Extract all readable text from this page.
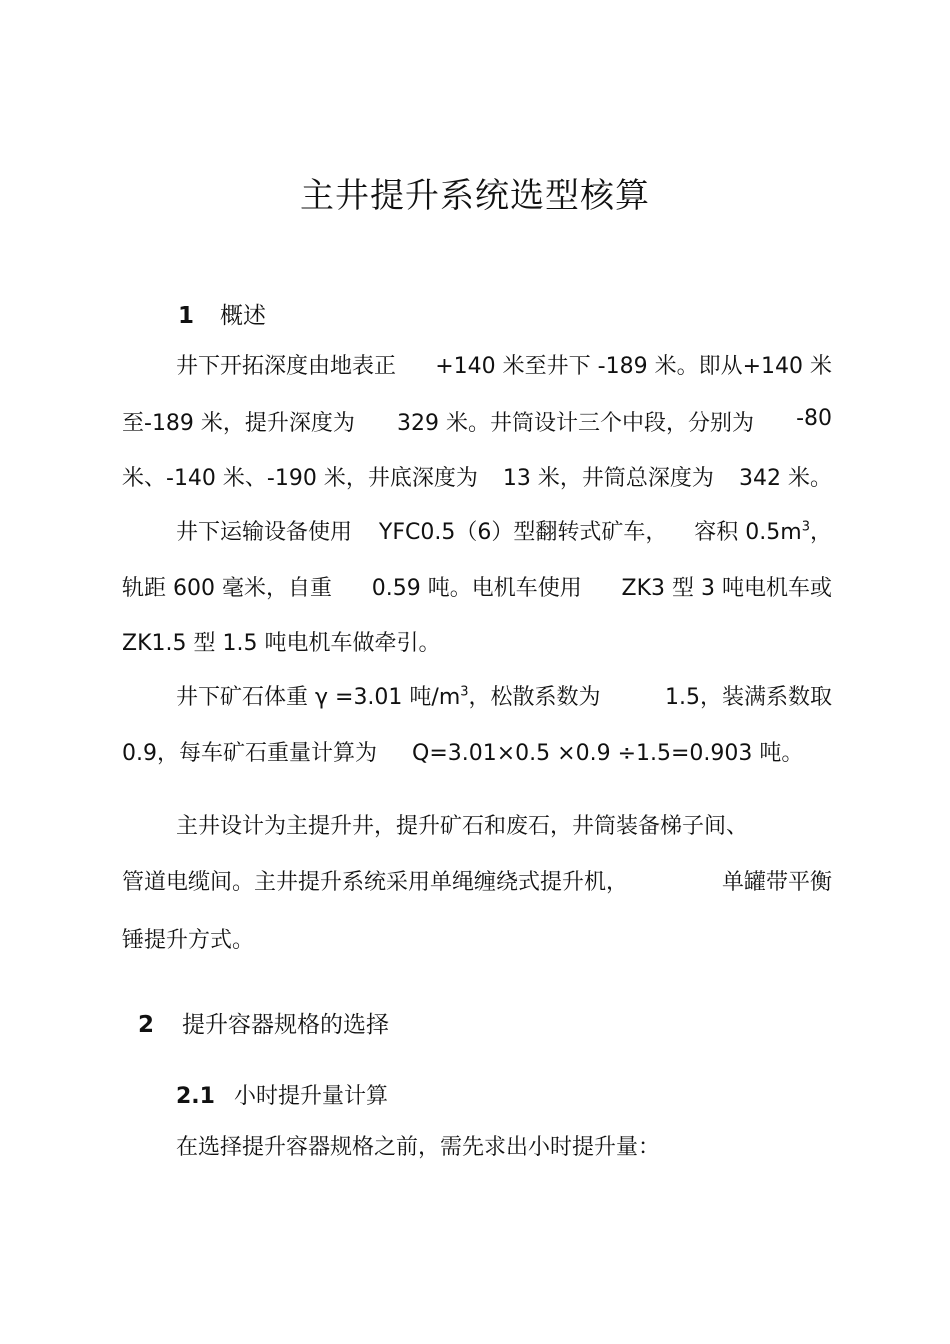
主井提升系统选型核算
1 概述
井下开拓深度由地表正 +140 米至井下 -189 米。即从+140 米
至-189 米，提升深度为 329 米。井筒设计三个中段，分别为 -80
米、-140 米、-190 米，井底深度为 13 米，井筒总深度为 342 米。
井下运输设备使用 YFC0.5（6）型翻转式矿车， 容积 $0.5m^3$，
轨距 600 毫米，自重 0.59 吨。电机车使用 ZK3 型 3 吨电机车或
ZK1.5 型 1.5 吨电机车做牵引。
井下矿石体重 γ =3.01 吨$/m^3$，松散系数为	1.5，装满系数取
0.9，每车矿石重量计算为 Q=3.01×0.5 ×0.9 ÷1.5=0.903 吨。
主井设计为主提升井，提升矿石和废石，井筒装备梯子间、
管道电缆间。主井提升系统采用单绳缠绕式提升机，	单罐带平衡
锤提升方式。
2 提升容器规格的选择
2.1 小时提升量计算
在选择提升容器规格之前，需先求出小时提升量：
